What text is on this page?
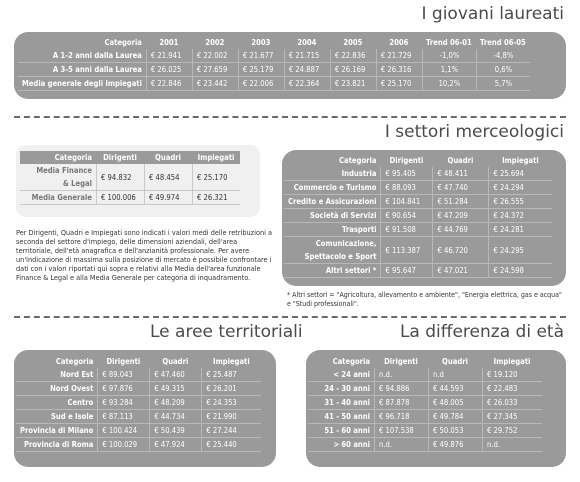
I giovani laureati
Categoria	2001	2002	2003	2004	2005	2006	Trend 06-01	Trend 06-05
A 1-2 anni dalla Laurea	€ 21.941	€ 22.002	€ 21.677	€ 21.715	€ 22.836	€ 21.729	-1,0%	-4,8%
A 3-5 anni dalla Laurea	€ 26.025	€ 27.659	€ 25.179	€ 24.887	€ 26.169	€ 26.316	1,1%	0,6%
Media generale degli impiegati	€ 22.846	€ 23.442	€ 22.006	€ 22.364	€ 23.821	€ 25.170	10,2%	5,7%
I settori merceologici
Categoria	Dirigenti	Quadri	Impiegati
Industria	€ 95.405	€ 48.411	€ 25.694
Commercio e Turismo	€ 88.093	€ 47.740	€ 24.294
Credito e Assicurazioni	€ 104.841	€ 51.284	€ 26.555
Società di Servizi	€ 90.654	€ 47.209	€ 24.372
Trasporti	€ 91.508	€ 44.769	€ 24.281
Comunicazione,
Spettacolo e Sport	€ 113.387	€ 46.720	€ 24.295
Altri settori *	€ 95.647	€ 47.021	€ 24.598

* Altri settori = "Agricoltura, allevamento e ambiente", "Energia elettrica, gas e acqua" e "Studi professionali".

Categoria	Dirigenti	Quadri	Impiegati
Media Finance
& Legal	€ 94.832	€ 48.454	€ 25.170
Media Generale	€ 100.006	€ 49.974	€ 26.321

Per Dirigenti, Quadri e Impiegati sono indicati i valori medi delle retribuzioni a seconda del settore d'impiego, delle dimensioni aziendali, dell'area territoriale, dell'età anagrafica e dell'anzianità professionale. Per avere un'indicazione di massima sulla posizione di mercato è possibile confrontare i dati con i valori riportati qui sopra e relativi alla Media dell'area funzionale Finance & Legal e alla Media Generale per categoria di inquadramento.

Le aree territoriali
Categoria	Dirigenti	Quadri	Impiegati
Nord Est	€ 89.043	€ 47.460	€ 25.487
Nord Ovest	€ 97.876	€ 49.315	€ 26.201
Centro	€ 93.284	€ 48.209	€ 24.353
Sud e Isole	€ 87.113	€ 44.734	€ 21.990
Provincia di Milano	€ 100.424	€ 50.439	€ 27.244
Provincia di Roma	€ 100.029	€ 47.924	€ 25.440
La differenza di età
Categoria	Dirigenti	Quadri	Impiegati
< 24 anni	n.d.	n.d	€ 19.120
24 - 30 anni	€ 94.886	€ 44.593	€ 22.483
31 - 40 anni	€ 87.878	€ 48.005	€ 26.033
41 - 50 anni	€ 96.718	€ 49.784	€ 27.345
51 - 60 anni	€ 107.538	€ 50.053	€ 29.752
> 60 anni	n.d.	€ 49.876	n.d.
